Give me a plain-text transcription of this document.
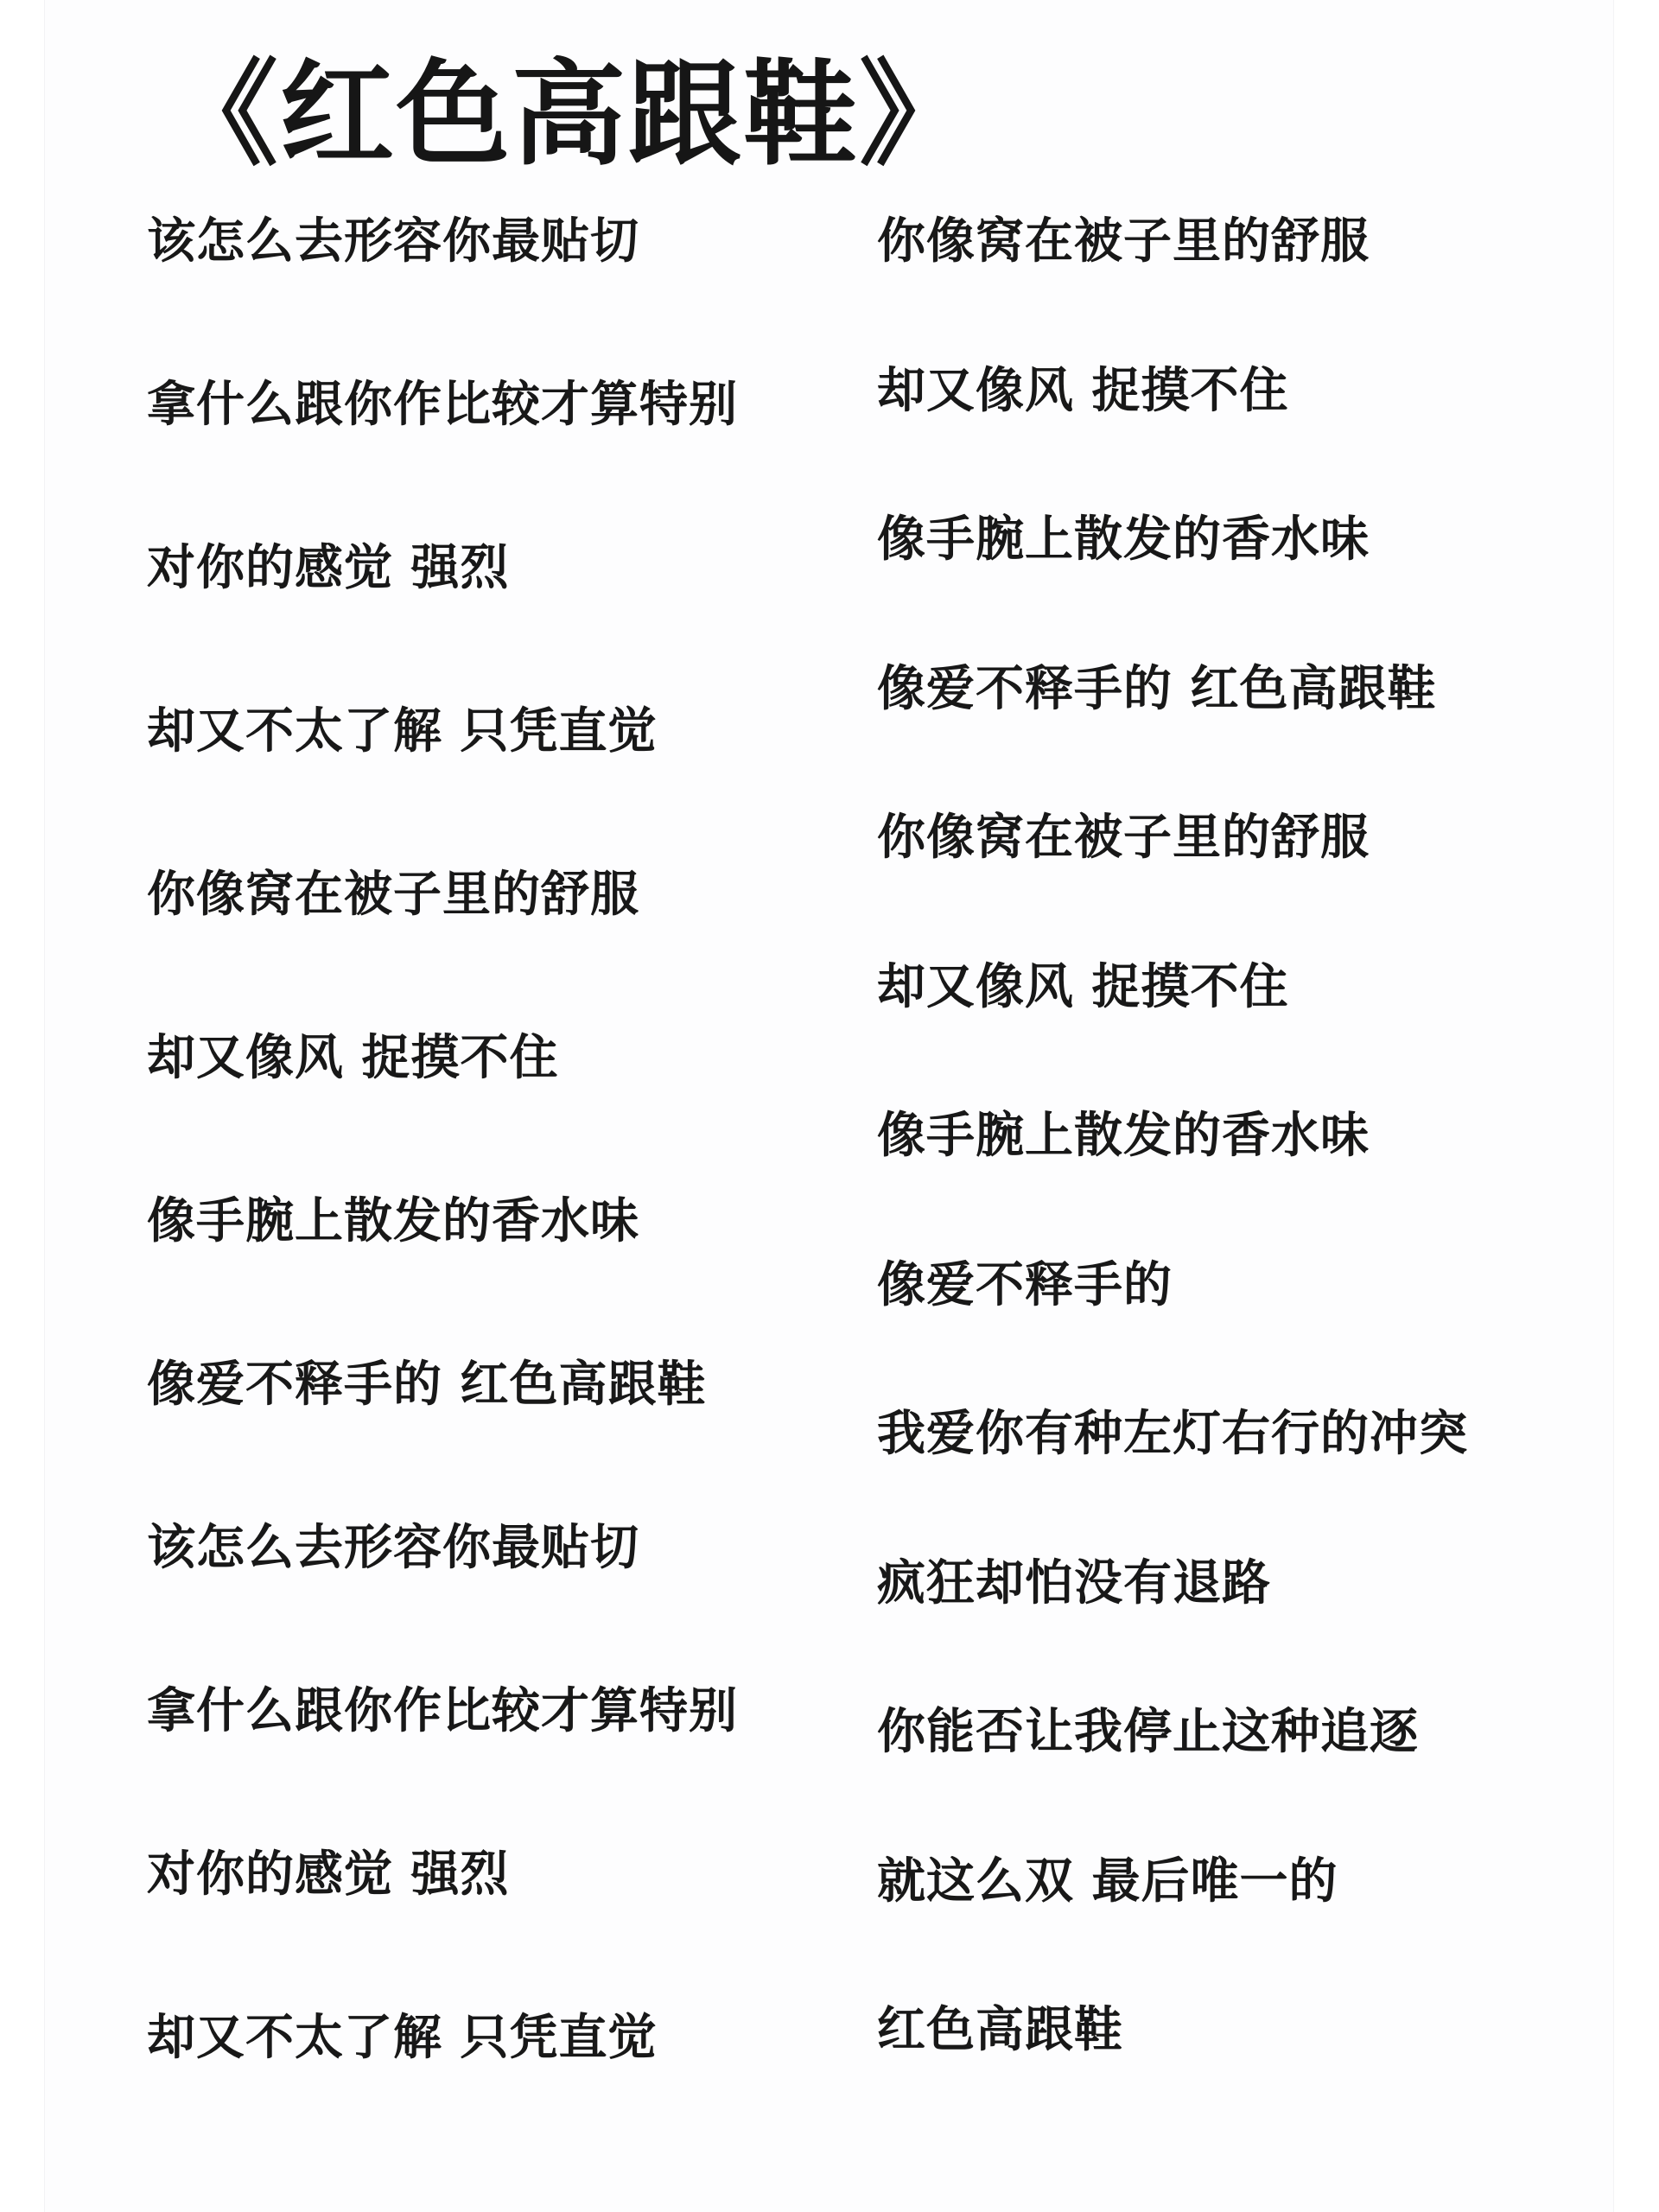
《红色高跟鞋》
该怎么去形容你最贴切
拿什么跟你作比较才算特别
对你的感觉 强烈
却又不太了解 只凭直觉
你像窝在被子里的舒服
却又像风 捉摸不住
像手腕上散发的香水味
像爱不释手的 红色高跟鞋
该怎么去形容你最贴切
拿什么跟你作比较才算特别
对你的感觉 强烈
却又不太了解 只凭直觉
你像窝在被子里的舒服
却又像风 捉摸不住
像手腕上散发的香水味
像爱不释手的 红色高跟鞋
你像窝在被子里的舒服
却又像风 捉摸不住
像手腕上散发的香水味
像爱不释手的
我爱你有种左灯右行的冲突
疯狂却怕没有退路
你能否让我停止这种追逐
就这么双 最后唯一的
红色高跟鞋
